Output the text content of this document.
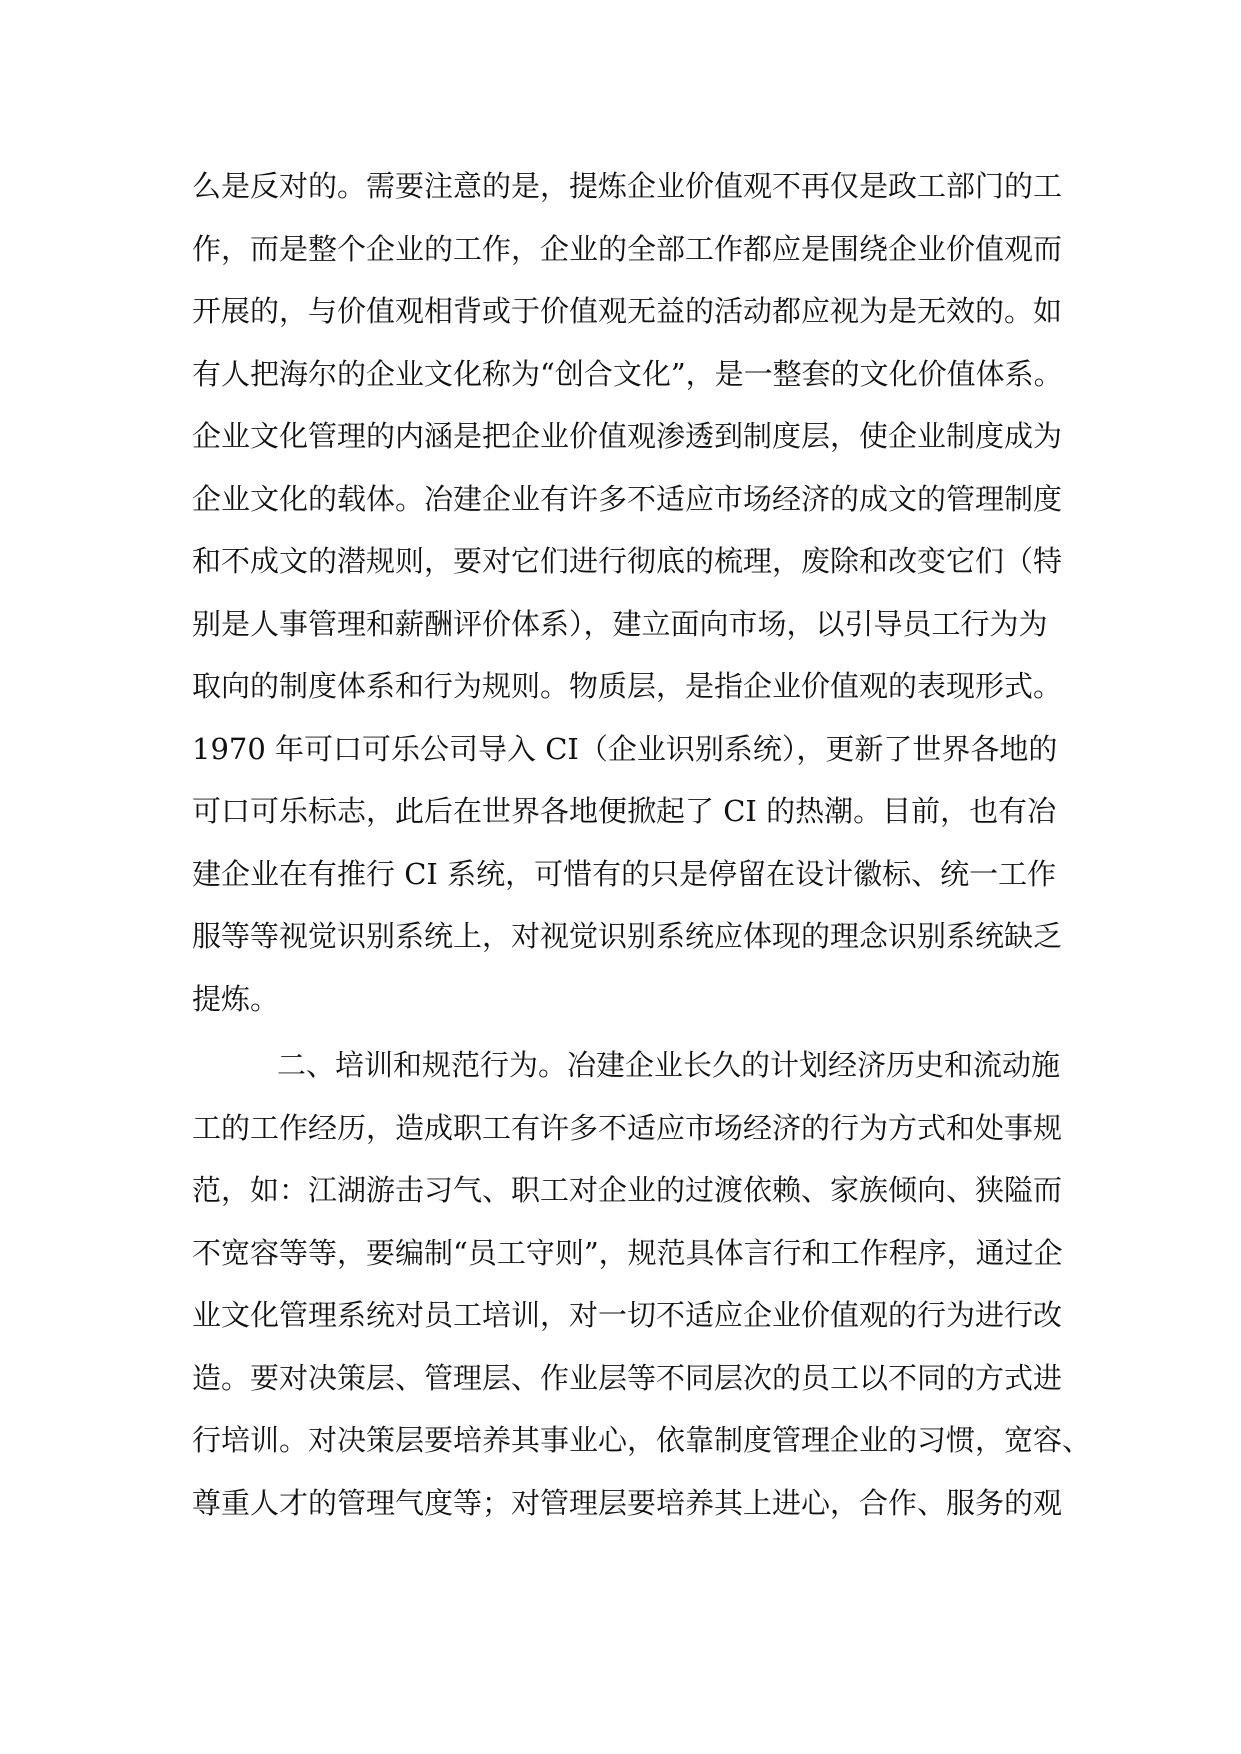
么是反对的。需要注意的是，提炼企业价值观不再仅是政工部门的工
作，而是整个企业的工作，企业的全部工作都应是围绕企业价值观而
开展的，与价值观相背或于价值观无益的活动都应视为是无效的。如
有人把海尔的企业文化称为“创合文化”，是一整套的文化价值体系。
企业文化管理的内涵是把企业价值观渗透到制度层，使企业制度成为
企业文化的载体。冶建企业有许多不适应市场经济的成文的管理制度
和不成文的潜规则，要对它们进行彻底的梳理，废除和改变它们（特
别是人事管理和薪酬评价体系），建立面向市场，以引导员工行为为
取向的制度体系和行为规则。物质层，是指企业价值观的表现形式。
1970 年可口可乐公司导入 CI（企业识别系统），更新了世界各地的
可口可乐标志，此后在世界各地便掀起了 CI 的热潮。目前，也有冶
建企业在有推行 CI 系统，可惜有的只是停留在设计徽标、统一工作
服等等视觉识别系统上，对视觉识别系统应体现的理念识别系统缺乏
提炼。
二、培训和规范行为。冶建企业长久的计划经济历史和流动施
工的工作经历，造成职工有许多不适应市场经济的行为方式和处事规
范，如：江湖游击习气、职工对企业的过渡依赖、家族倾向、狭隘而
不宽容等等，要编制“员工守则”，规范具体言行和工作程序，通过企
业文化管理系统对员工培训，对一切不适应企业价值观的行为进行改
造。要对决策层、管理层、作业层等不同层次的员工以不同的方式进
行培训。对决策层要培养其事业心，依靠制度管理企业的习惯，宽容、
尊重人才的管理气度等；对管理层要培养其上进心，合作、服务的观
